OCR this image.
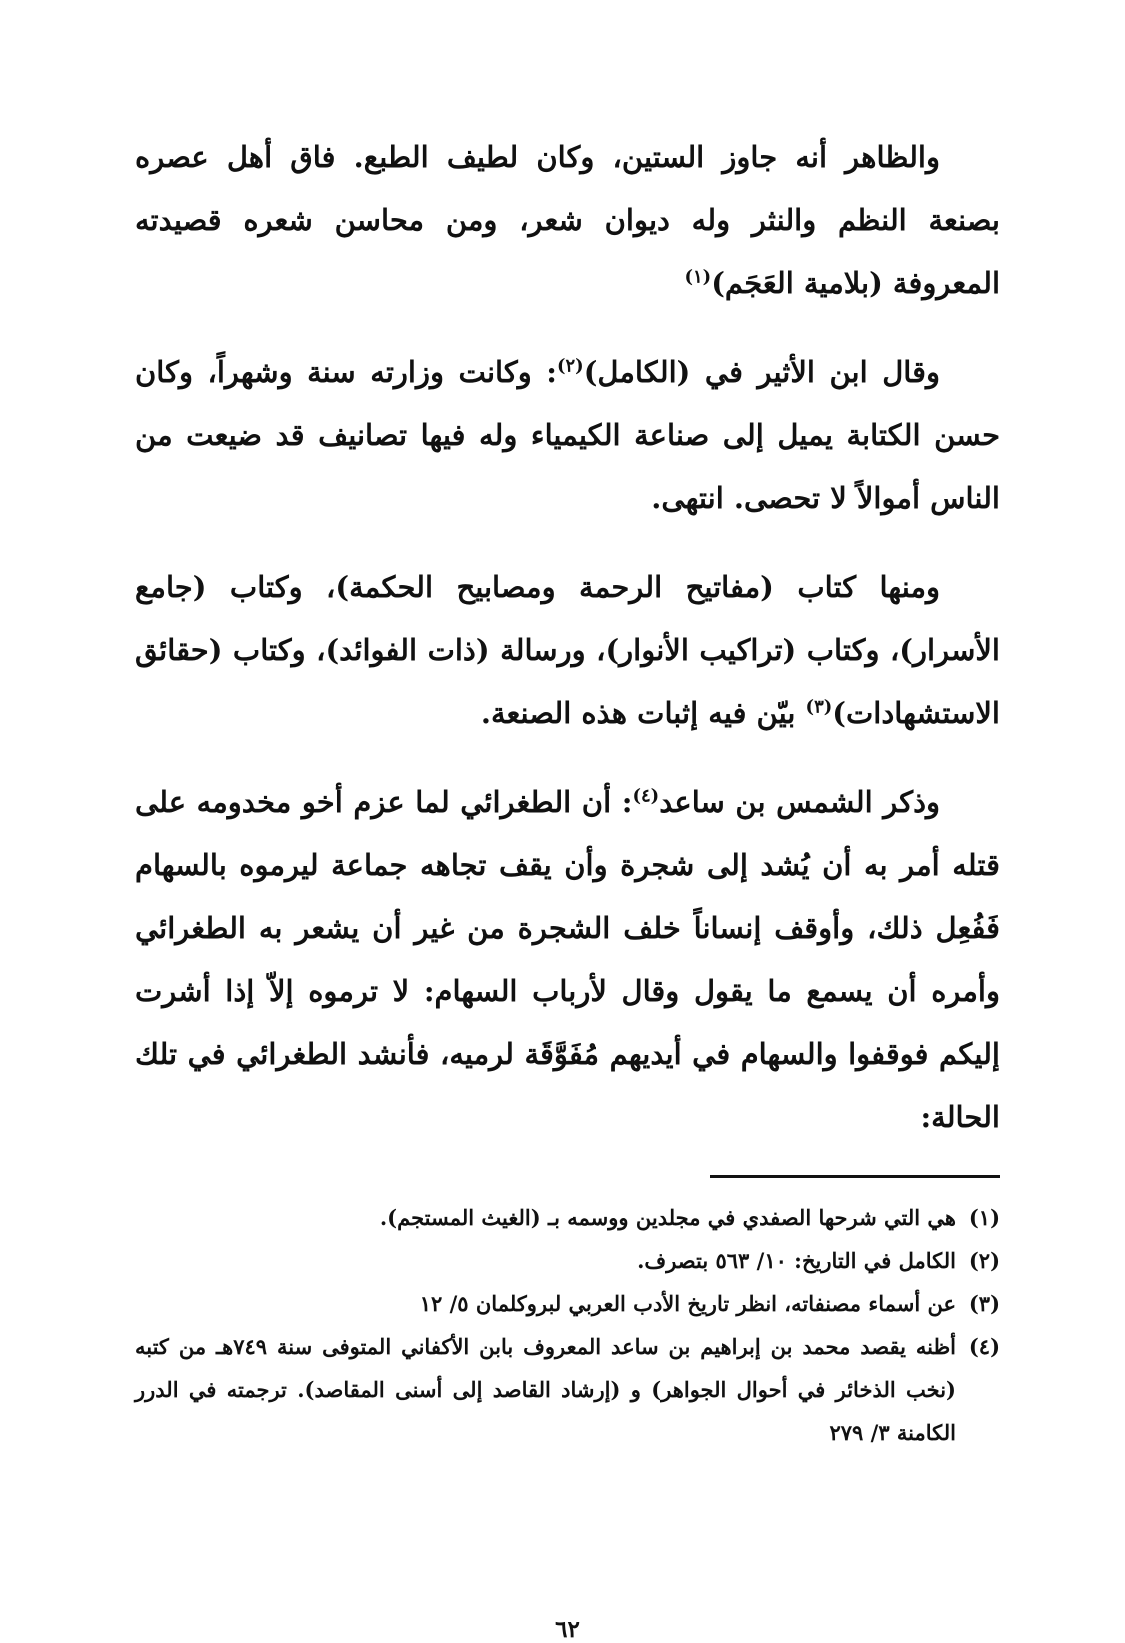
والظاهر أنه جاوز الستين، وكان لطيف الطبع. فاق أهل عصره بصنعة النظم والنثر وله ديوان شعر، ومن محاسن شعره قصيدته المعروفة (بلامية العَجَم)$^{(١)}$

وقال ابن الأثير في (الكامل)$^{(٢)}$: وكانت وزارته سنة وشهراً، وكان حسن الكتابة يميل إلى صناعة الكيمياء وله فيها تصانيف قد ضيعت من الناس أموالاً لا تحصى. انتهى.

ومنها كتاب (مفاتيح الرحمة ومصابيح الحكمة)، وكتاب (جامع الأسرار)، وكتاب (تراكيب الأنوار)، ورسالة (ذات الفوائد)، وكتاب (حقائق الاستشهادات)$^{(٣)}$ بيّن فيه إثبات هذه الصنعة.

وذكر الشمس بن ساعد$^{(٤)}$: أن الطغرائي لما عزم أخو مخدومه على قتله أمر به أن يُشد إلى شجرة وأن يقف تجاهه جماعة ليرموه بالسهام فَفُعِل ذلك، وأوقف إنساناً خلف الشجرة من غير أن يشعر به الطغرائي وأمره أن يسمع ما يقول وقال لأرباب السهام: لا ترموه إلاّ إذا أشرت إليكم فوقفوا والسهام في أيديهم مُفَوَّقَة لرميه، فأنشد الطغرائي في تلك الحالة:

(١)
هي التي شرحها الصفدي في مجلدين ووسمه بـ (الغيث المستجم).
(٢)
الكامل في التاريخ: ١٠/ ٥٦٣ بتصرف.
(٣)
عن أسماء مصنفاته، انظر تاريخ الأدب العربي لبروكلمان ٥/ ١٢
(٤)
أظنه يقصد محمد بن إبراهيم بن ساعد المعروف بابن الأكفاني المتوفى سنة ٧٤٩هـ من كتبه (نخب الذخائر في أحوال الجواهر) و (إرشاد القاصد إلى أسنى المقاصد). ترجمته في الدرر الكامنة ٣/ ٢٧٩
٦٢
